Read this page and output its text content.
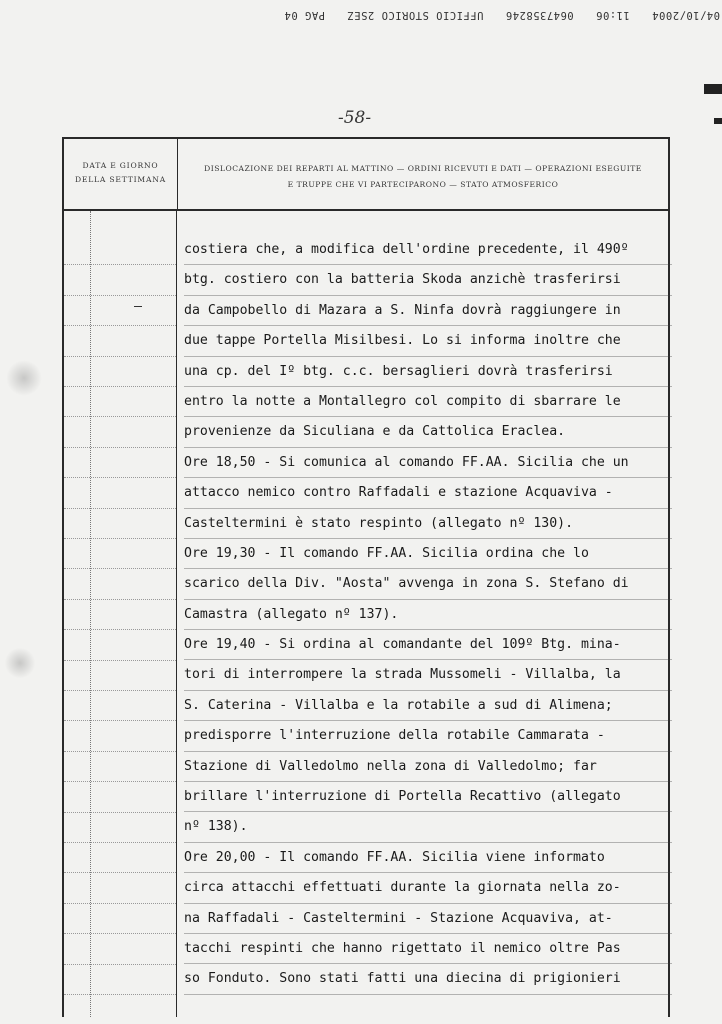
04/10/2004
11:06
0647358246
UFFICIO STORICO 2SEZ
PAG 04
-58-
DATA E GIORNO
DELLA SETTIMANA
DISLOCAZIONE DEI REPARTI AL MATTINO — ORDINI RICEVUTI E DATI — OPERAZIONI ESEGUITE
E TRUPPE CHE VI PARTECIPARONO — STATO ATMOSFERICO
costiera che, a modifica dell'ordine precedente, il 490º
btg. costiero con la batteria Skoda anzichè trasferirsi
da Campobello di Mazara a S. Ninfa dovrà raggiungere in
due tappe Portella Misilbesi. Lo si informa inoltre che
una cp. del Iº btg. c.c. bersaglieri dovrà trasferirsi
entro la notte a Montallegro col compito di sbarrare le
provenienze da Siculiana e da Cattolica Eraclea.
Ore 18,50 - Si comunica al comando FF.AA. Sicilia che un
attacco nemico contro Raffadali e stazione Acquaviva -
Casteltermini è stato respinto (allegato nº 130).
Ore 19,30 - Il comando FF.AA. Sicilia ordina che lo
scarico della Div. "Aosta" avvenga in zona S. Stefano di
Camastra (allegato nº 137).
Ore 19,40 - Si ordina al comandante del 109º Btg. mina-
tori di interrompere la strada Mussomeli - Villalba, la
S. Caterina - Villalba e la rotabile a sud di Alimena;
predisporre l'interruzione della rotabile Cammarata -
Stazione di Valledolmo nella zona di Valledolmo; far
brillare l'interruzione di Portella Recattivo (allegato
nº 138).
Ore 20,00 - Il comando FF.AA. Sicilia viene informato
circa attacchi effettuati durante la giornata nella zo-
na Raffadali - Casteltermini - Stazione Acquaviva, at-
tacchi respinti che hanno rigettato il nemico oltre Pas
so Fonduto. Sono stati fatti una diecina di prigionieri
